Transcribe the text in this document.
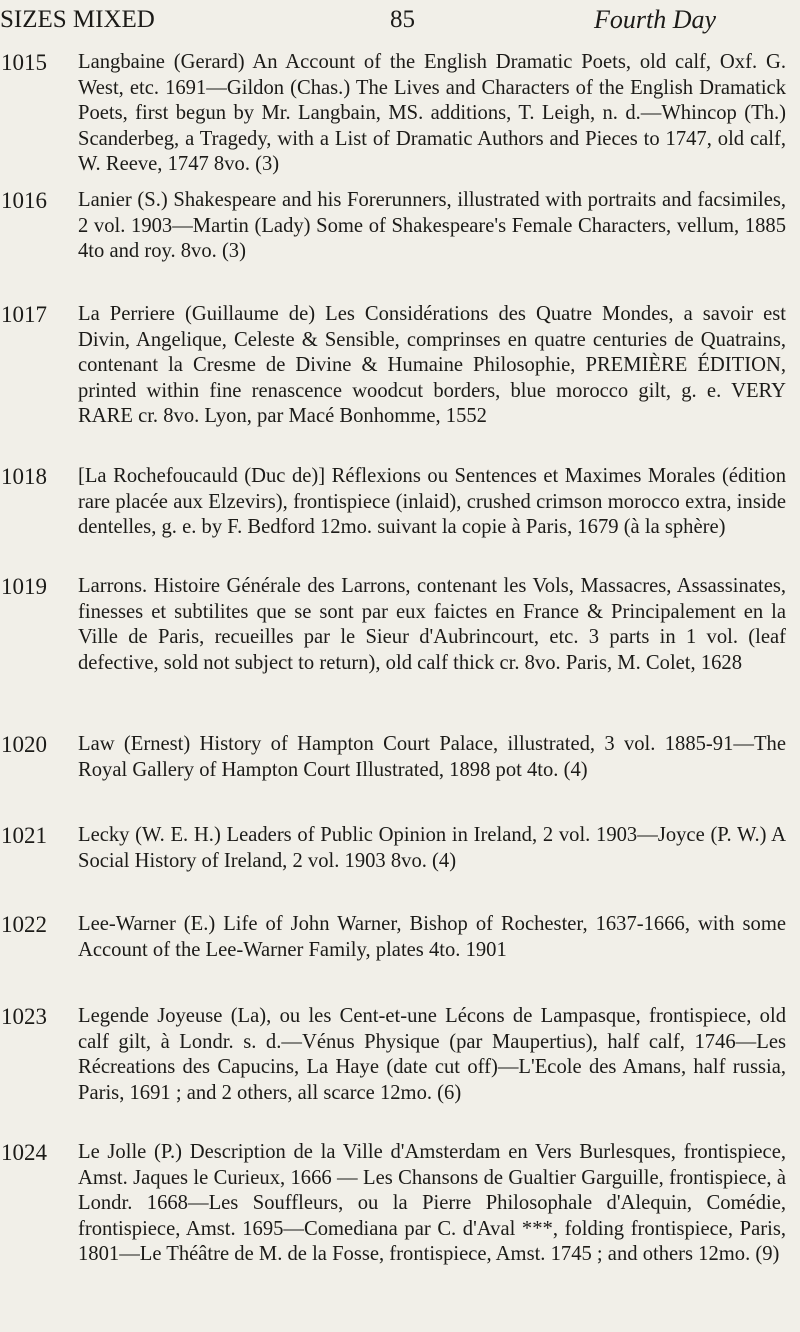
SIZES MIXED	85	Fourth Day
1015 Langbaine (Gerard) An Account of the English Dramatic Poets, old calf, Oxf. G. West, etc. 1691—Gildon (Chas.) The Lives and Characters of the English Dramatick Poets, first begun by Mr. Langbain, MS. additions, T. Leigh, n. d.—Whincop (Th.) Scanderbeg, a Tragedy, with a List of Dramatic Authors and Pieces to 1747, old calf, W. Reeve, 1747 8vo. (3)
1016 Lanier (S.) Shakespeare and his Forerunners, illustrated with portraits and facsimiles, 2 vol. 1903—Martin (Lady) Some of Shakespeare's Female Characters, vellum, 1885 4to and roy. 8vo. (3)
1017 La Perriere (Guillaume de) Les Considérations des Quatre Mondes, a savoir est Divin, Angelique, Celeste & Sensible, comprinses en quatre centuries de Quatrains, contenant la Cresme de Divine & Humaine Philosophie, PREMIÈRE ÉDITION, printed within fine renascence woodcut borders, blue morocco gilt, g. e. VERY RARE cr. 8vo. Lyon, par Macé Bonhomme, 1552
1018 [La Rochefoucauld (Duc de)] Réflexions ou Sentences et Maximes Morales (édition rare placée aux Elzevirs), frontispiece (inlaid), crushed crimson morocco extra, inside dentelles, g. e. by F. Bedford 12mo. suivant la copie à Paris, 1679 (à la sphère)
1019 Larrons. Histoire Générale des Larrons, contenant les Vols, Massacres, Assassinates, finesses et subtilites que se sont par eux faictes en France & Principalement en la Ville de Paris, recueilles par le Sieur d'Aubrincourt, etc. 3 parts in 1 vol. (leaf defective, sold not subject to return), old calf thick cr. 8vo. Paris, M. Colet, 1628
1020 Law (Ernest) History of Hampton Court Palace, illustrated, 3 vol. 1885-91—The Royal Gallery of Hampton Court Illustrated, 1898 pot 4to. (4)
1021 Lecky (W. E. H.) Leaders of Public Opinion in Ireland, 2 vol. 1903—Joyce (P. W.) A Social History of Ireland, 2 vol. 1903 8vo. (4)
1022 Lee-Warner (E.) Life of John Warner, Bishop of Rochester, 1637-1666, with some Account of the Lee-Warner Family, plates 4to. 1901
1023 Legende Joyeuse (La), ou les Cent-et-une Lécons de Lampasque, frontispiece, old calf gilt, à Londr. s. d.—Vénus Physique (par Maupertius), half calf, 1746—Les Récreations des Capucins, La Haye (date cut off)—L'Ecole des Amans, half russia, Paris, 1691 ; and 2 others, all scarce 12mo. (6)
1024 Le Jolle (P.) Description de la Ville d'Amsterdam en Vers Burlesques, frontispiece, Amst. Jaques le Curieux, 1666 — Les Chansons de Gualtier Garguille, frontispiece, à Londr. 1668—Les Souffleurs, ou la Pierre Philosophale d'Alequin, Comédie, frontispiece, Amst. 1695—Comediana par C. d'Aval ***, folding frontispiece, Paris, 1801—Le Théâtre de M. de la Fosse, frontispiece, Amst. 1745 ; and others 12mo. (9)
